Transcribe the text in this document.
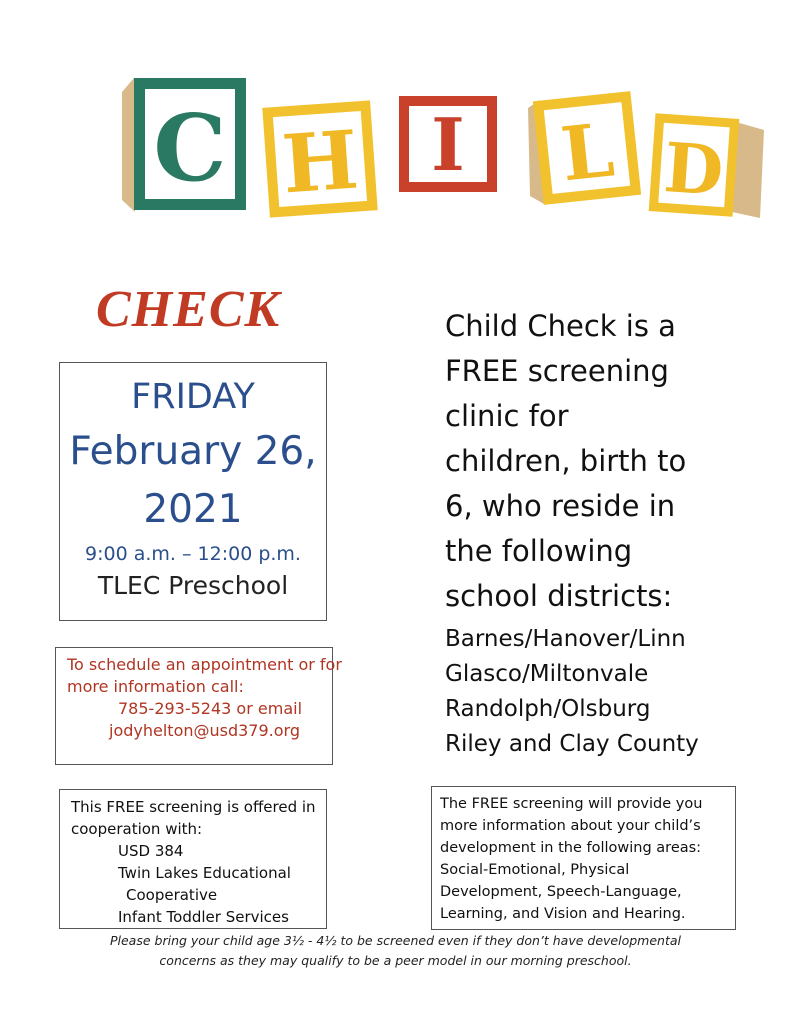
C H I L D
CHECK
FRIDAY
February 26,
2021
9:00 a.m. – 12:00 p.m.
TLEC Preschool
To schedule an appointment or for
more information call:
785-293-5243 or email
jodyhelton@usd379.org
Child Check is a
FREE screening
clinic for
children, birth to
6, who reside in
the following
school districts:
Barnes/Hanover/Linn
Glasco/Miltonvale
Randolph/Olsburg
Riley and Clay County
This FREE screening is offered in
cooperation with:
USD 384
Twin Lakes Educational
Cooperative
Infant Toddler Services
The FREE screening will provide you
more information about your child’s
development in the following areas:
Social-Emotional, Physical
Development, Speech-Language,
Learning, and Vision and Hearing.
Please bring your child age 3½ - 4½ to be screened even if they don’t have developmental
concerns as they may qualify to be a peer model in our morning preschool.
